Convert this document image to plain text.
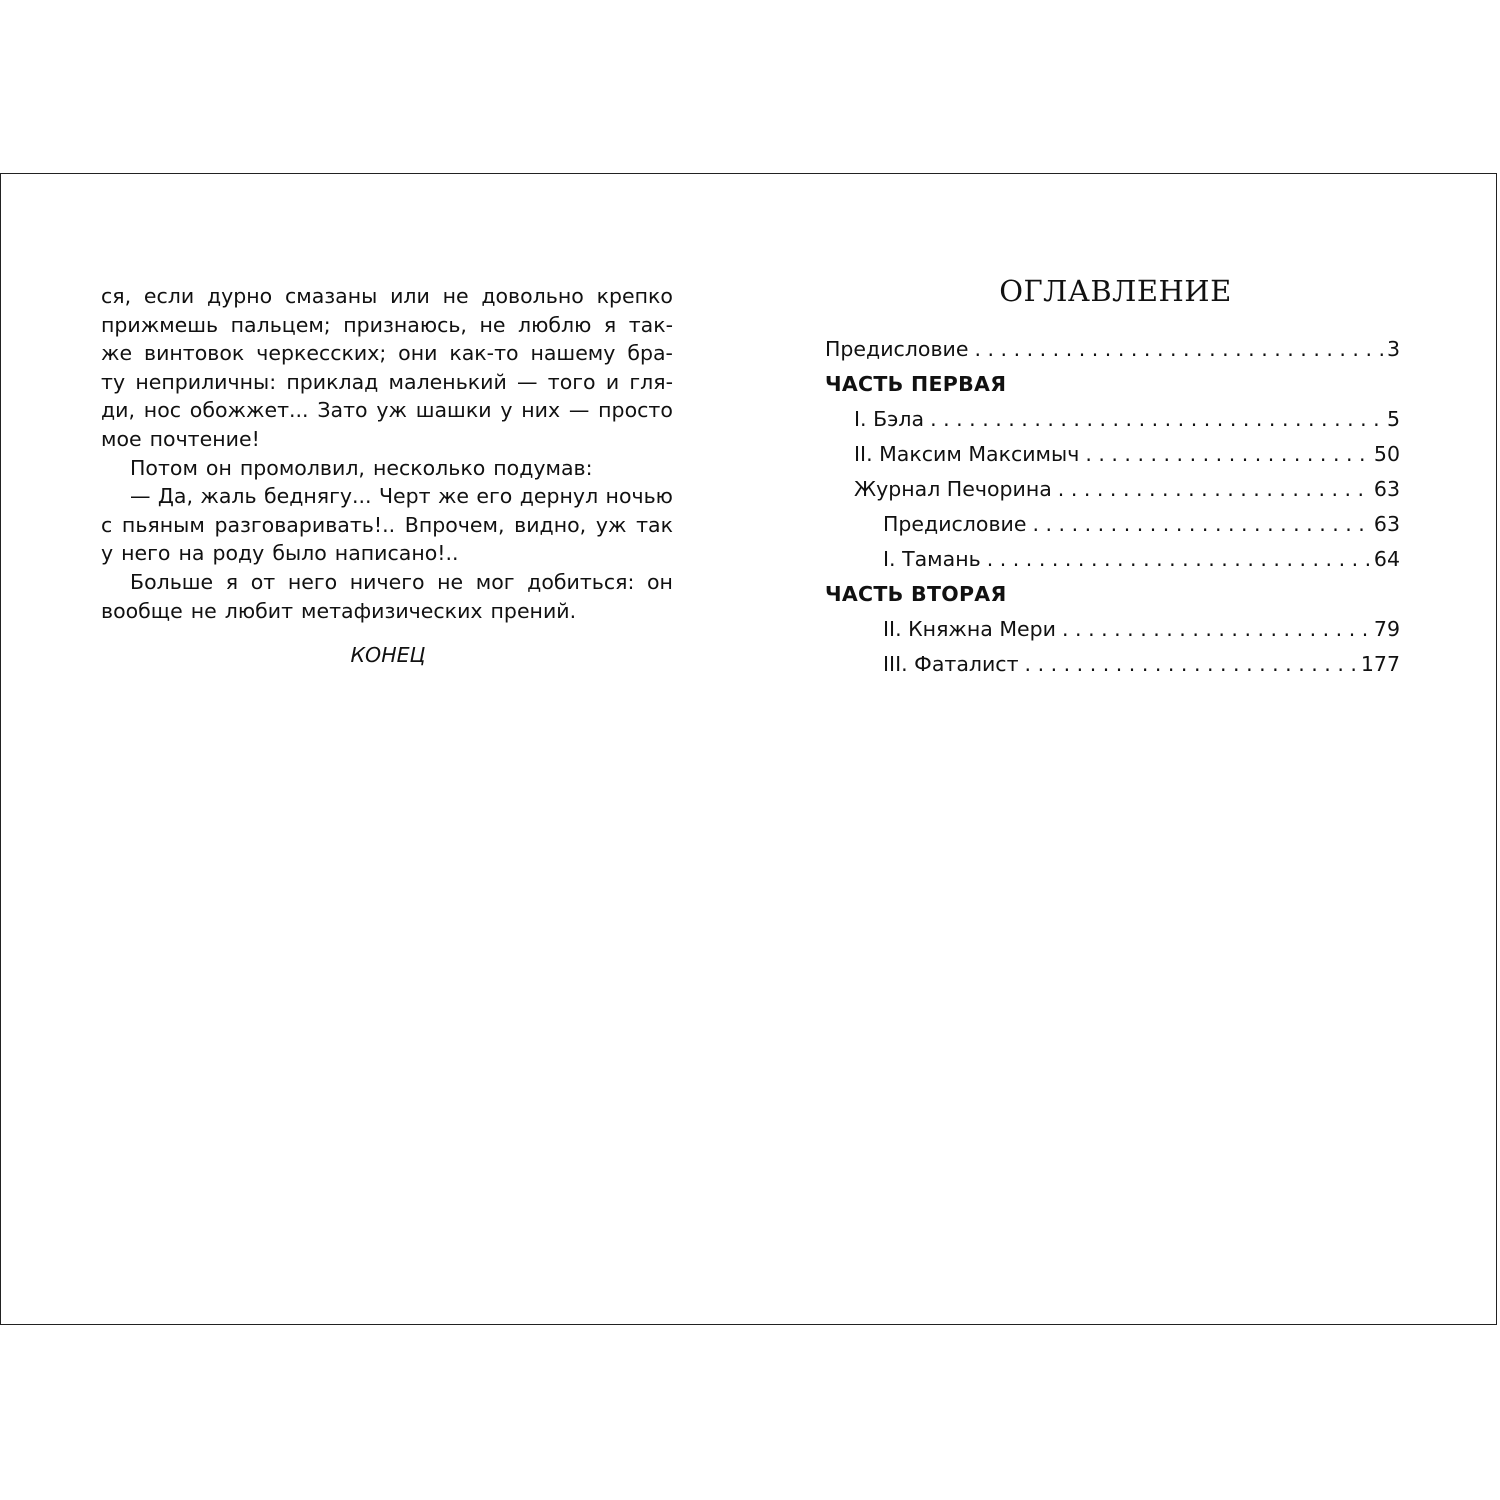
ся, если дурно смазаны или не довольно крепко
прижмешь пальцем; признаюсь, не люблю я так-
же винтовок черкесских; они как-то нашему бра-
ту неприличны: приклад маленький — того и гля-
ди, нос обожжет... Зато уж шашки у них — просто
мое почтение!
Потом он промолвил, несколько подумав:
— Да, жаль беднягу... Черт же его дернул ночью
с пьяным разговаривать!.. Впрочем, видно, уж так
у него на роду было написано!..
Больше я от него ничего не мог добиться: он
вообще не любит метафизических прений.
КОНЕЦ
ОГЛАВЛЕНИЕ
Предисловие . . .	3
ЧАСТЬ ПЕРВАЯ
I. Бэла . . .	5
II. Максим Максимыч . . .	50
Журнал Печорина . . .	63
Предисловие . . .	63
I. Тамань . . .	64
ЧАСТЬ ВТОРАЯ
II. Княжна Мери . . .	79
III. Фаталист . . .	177
